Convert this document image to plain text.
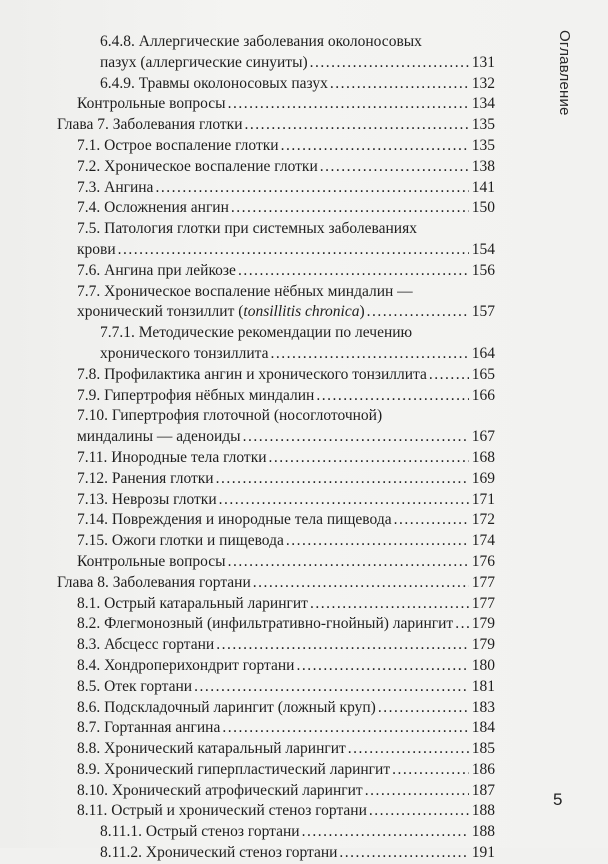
Оглавление
6.4.8. Аллергические заболевания околоносовых
пазух (аллергические синуиты) .....	131
6.4.9. Травмы околоносовых пазух .....	132
Контрольные вопросы .....	134
Глава 7. Заболевания глотки .....	135
7.1. Острое воспаление глотки .....	135
7.2. Хроническое воспаление глотки .....	138
7.3. Ангина .....	141
7.4. Осложнения ангин .....	150
7.5. Патология глотки при системных заболеваниях
крови .....	154
7.6. Ангина при лейкозе .....	156
7.7. Хроническое воспаление нёбных миндалин —
хронический тонзиллит (tonsillitis chronica) .....	157
7.7.1. Методические рекомендации по лечению
хронического тонзиллита .....	164
7.8. Профилактика ангин и хронического тонзиллита .....	165
7.9. Гипертрофия нёбных миндалин .....	166
7.10. Гипертрофия глоточной (носоглоточной)
миндалины — аденоиды .....	167
7.11. Инородные тела глотки .....	168
7.12. Ранения глотки .....	169
7.13. Неврозы глотки .....	171
7.14. Повреждения и инородные тела пищевода .....	172
7.15. Ожоги глотки и пищевода .....	174
Контрольные вопросы .....	176
Глава 8. Заболевания гортани .....	177
8.1. Острый катаральный ларингит .....	177
8.2. Флегмонозный (инфильтративно-гнойный) ларингит ..... 179
8.3. Абсцесс гортани .....	179
8.4. Хондроперихондрит гортани .....	180
8.5. Отек гортани .....	181
8.6. Подскладочный ларингит (ложный круп) .....	183
8.7. Гортанная ангина .....	184
8.8. Хронический катаральный ларингит .....	185
8.9. Хронический гиперпластический ларингит .....	186
8.10. Хронический атрофический ларингит .....	187
8.11. Острый и хронический стеноз гортани .....	188
8.11.1. Острый стеноз гортани .....	188
8.11.2. Хронический стеноз гортани .....	191
5
